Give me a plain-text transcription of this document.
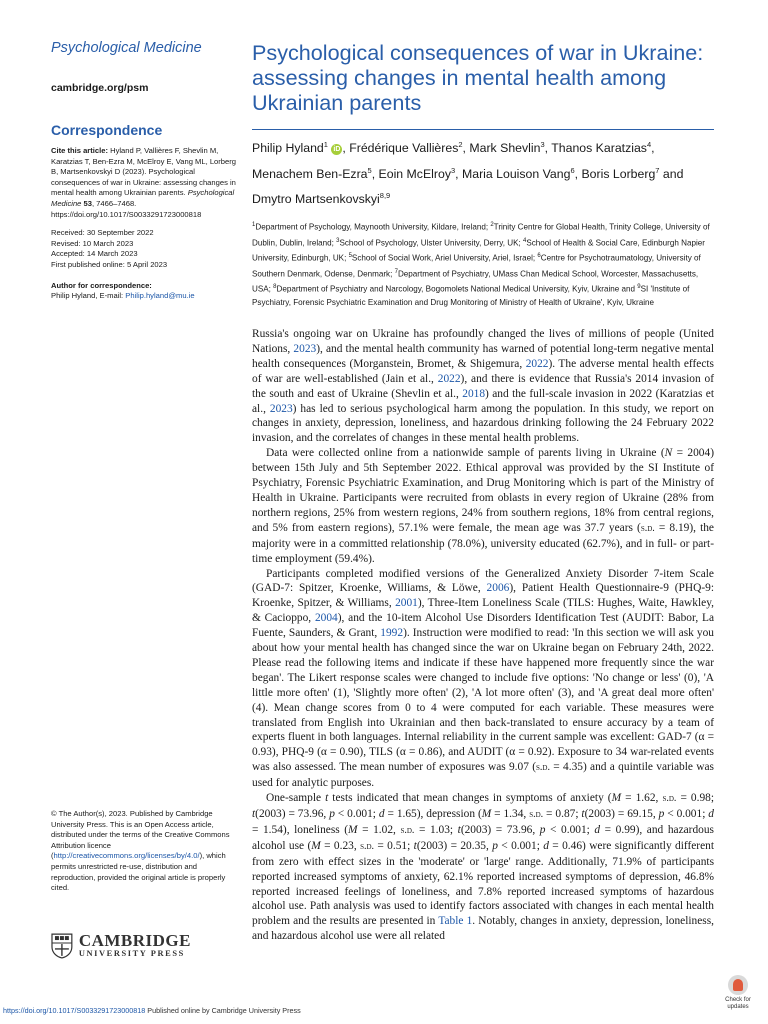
Psychological Medicine
cambridge.org/psm
Correspondence
Cite this article: Hyland P, Vallières F, Shevlin M, Karatzias T, Ben-Ezra M, McElroy E, Vang ML, Lorberg B, Martsenkovskyi D (2023). Psychological consequences of war in Ukraine: assessing changes in mental health among Ukrainian parents. Psychological Medicine 53, 7466–7468. https://doi.org/10.1017/S0033291723000818
Received: 30 September 2022
Revised: 10 March 2023
Accepted: 14 March 2023
First published online: 5 April 2023
Author for correspondence:
Philip Hyland, E-mail: Philip.hyland@mu.ie
© The Author(s), 2023. Published by Cambridge University Press. This is an Open Access article, distributed under the terms of the Creative Commons Attribution licence (http://creativecommons.org/licenses/by/4.0/), which permits unrestricted re-use, distribution and reproduction, provided the original article is properly cited.
CAMBRIDGE
UNIVERSITY PRESS
Psychological consequences of war in Ukraine: assessing changes in mental health among Ukrainian parents
Philip Hyland$^1$ iD , Frédérique Vallières$^2$, Mark Shevlin$^3$, Thanos Karatzias$^4$, Menachem Ben-Ezra$^5$, Eoin McElroy$^3$, Maria Louison Vang$^6$, Boris Lorberg$^7$ and Dmytro Martsenkovskyi$^{8,9}$
$^1$Department of Psychology, Maynooth University, Kildare, Ireland; $^2$Trinity Centre for Global Health, Trinity College, University of Dublin, Dublin, Ireland; $^3$School of Psychology, Ulster University, Derry, UK; $^4$School of Health & Social Care, Edinburgh Napier University, Edinburgh, UK; $^5$School of Social Work, Ariel University, Ariel, Israel; $^6$Centre for Psychotraumatology, University of Southern Denmark, Odense, Denmark; $^7$Department of Psychiatry, UMass Chan Medical School, Worcester, Massachusetts, USA; $^8$Department of Psychiatry and Narcology, Bogomolets National Medical University, Kyiv, Ukraine and $^9$SI 'Institute of Psychiatry, Forensic Psychiatric Examination and Drug Monitoring of Ministry of Health of Ukraine', Kyiv, Ukraine

Russia's ongoing war on Ukraine has profoundly changed the lives of millions of people (United Nations, 2023), and the mental health community has warned of potential long-term negative mental health consequences (Morganstein, Bromet, & Shigemura, 2022). The adverse mental health effects of war are well-established (Jain et al., 2022), and there is evidence that Russia's 2014 invasion of the south and east of Ukraine (Shevlin et al., 2018) and the full-scale invasion in 2022 (Karatzias et al., 2023) has led to serious psychological harm among the population. In this study, we report on changes in anxiety, depression, loneliness, and hazardous drinking following the 24 February 2022 invasion, and the correlates of changes in these mental health problems.

Data were collected online from a nationwide sample of parents living in Ukraine (N = 2004) between 15th July and 5th September 2022. Ethical approval was provided by the SI Institute of Psychiatry, Forensic Psychiatric Examination, and Drug Monitoring which is part of the Ministry of Health in Ukraine. Participants were recruited from oblasts in every region of Ukraine (28% from northern regions, 25% from western regions, 24% from southern regions, 18% from central regions, and 5% from eastern regions), 57.1% were female, the mean age was 37.7 years (s.d. = 8.19), the majority were in a committed relationship (78.0%), university educated (62.7%), and in full- or part-time employment (59.4%).

Participants completed modified versions of the Generalized Anxiety Disorder 7-item Scale (GAD-7: Spitzer, Kroenke, Williams, & Löwe, 2006), Patient Health Questionnaire-9 (PHQ-9: Kroenke, Spitzer, & Williams, 2001), Three-Item Loneliness Scale (TILS: Hughes, Waite, Hawkley, & Cacioppo, 2004), and the 10-item Alcohol Use Disorders Identification Test (AUDIT: Babor, La Fuente, Saunders, & Grant, 1992). Instruction were modified to read: 'In this section we will ask you about how your mental health has changed since the war on Ukraine began on February 24th, 2022. Please read the following items and indicate if these have happened more frequently since the war began'. The Likert response scales were changed to include five options: 'No change or less' (0), 'A little more often' (1), 'Slightly more often' (2), 'A lot more often' (3), and 'A great deal more often' (4). Mean change scores from 0 to 4 were computed for each variable. These measures were translated from English into Ukrainian and then back-translated to ensure accuracy by a team of experts fluent in both languages. Internal reliability in the current sample was excellent: GAD-7 (α = 0.93), PHQ-9 (α = 0.90), TILS (α = 0.86), and AUDIT (α = 0.92). Exposure to 34 war-related events was also assessed. The mean number of exposures was 9.07 (s.d. = 4.35) and a quintile variable was used for analytic purposes.

One-sample t tests indicated that mean changes in symptoms of anxiety (M = 1.62, s.d. = 0.98; t(2003) = 73.96, p < 0.001; d = 1.65), depression (M = 1.34, s.d. = 0.87; t(2003) = 69.15, p < 0.001; d = 1.54), loneliness (M = 1.02, s.d. = 1.03; t(2003) = 73.96, p < 0.001; d = 0.99), and hazardous alcohol use (M = 0.23, s.d. = 0.51; t(2003) = 20.35, p < 0.001; d = 0.46) were significantly different from zero with effect sizes in the 'moderate' or 'large' range. Additionally, 71.9% of participants reported increased symptoms of anxiety, 62.1% reported increased symptoms of depression, 46.8% reported increased feelings of loneliness, and 7.8% reported increased symptoms of hazardous alcohol use. Path analysis was used to identify factors associated with changes in each mental health problem and the results are presented in Table 1. Notably, changes in anxiety, depression, loneliness, and hazardous alcohol use were all related

https://doi.org/10.1017/S0033291723000818 Published online by Cambridge University Press
Check for
updates
